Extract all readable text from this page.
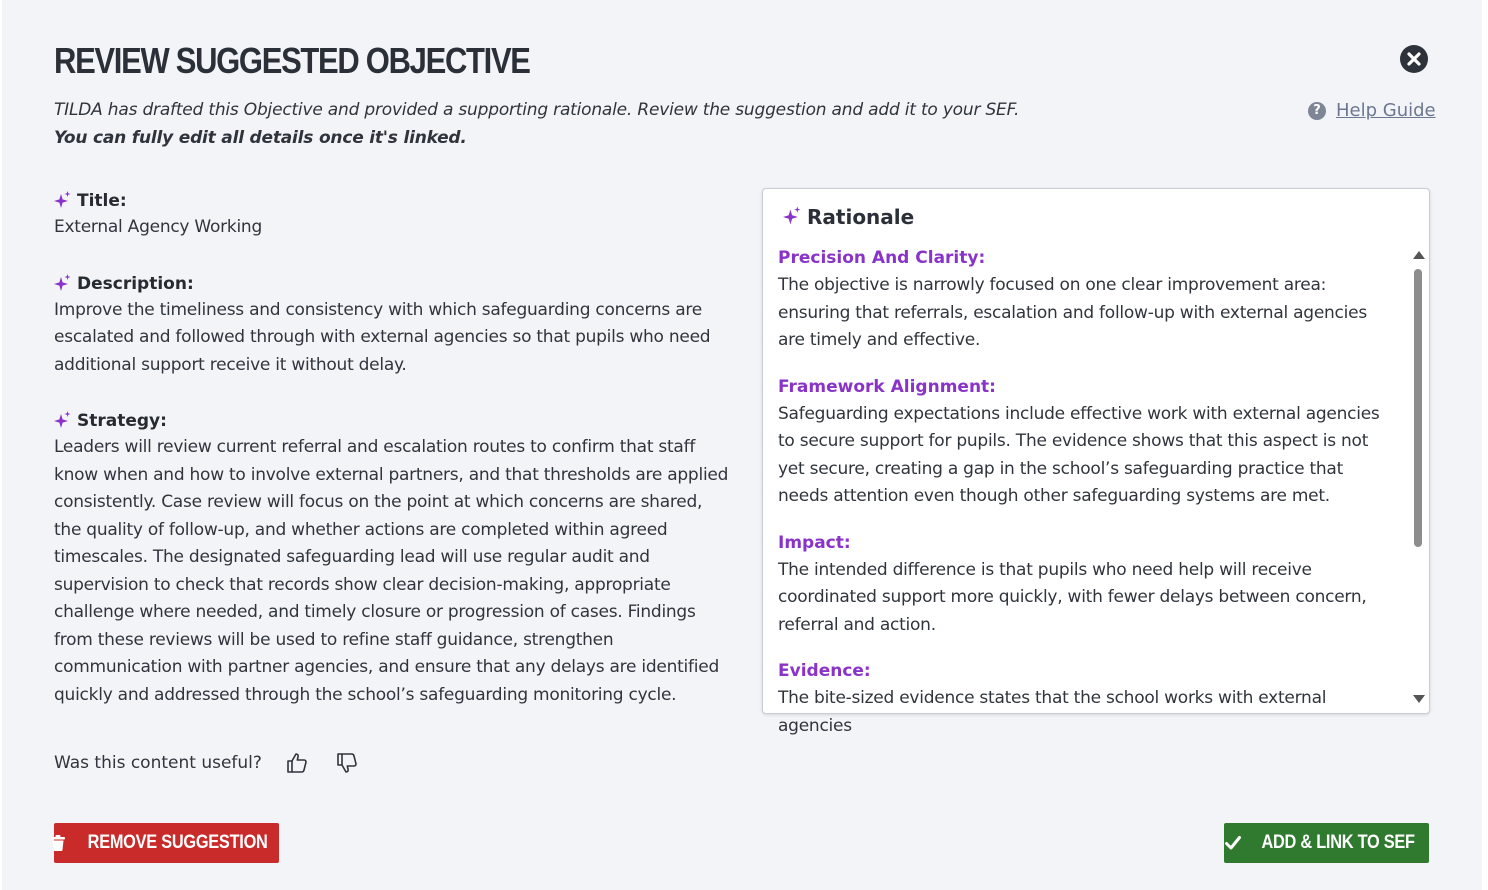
REVIEW SUGGESTED OBJECTIVE
TILDA has drafted this Objective and provided a supporting rationale. Review the suggestion and add it to your SEF.
You can fully edit all details once it's linked.
? Help Guide
Title:
External Agency Working
Description:
Improve the timeliness and consistency with which safeguarding concerns are escalated and followed through with external agencies so that pupils who need additional support receive it without delay.
Strategy:
Leaders will review current referral and escalation routes to confirm that staff know when and how to involve external partners, and that thresholds are applied consistently. Case review will focus on the point at which concerns are shared, the quality of follow-up, and whether actions are completed within agreed timescales. The designated safeguarding lead will use regular audit and supervision to check that records show clear decision-making, appropriate challenge where needed, and timely closure or progression of cases. Findings from these reviews will be used to refine staff guidance, strengthen communication with partner agencies, and ensure that any delays are identified quickly and addressed through the school’s safeguarding monitoring cycle.
Rationale
Precision And Clarity:
The objective is narrowly focused on one clear improvement area: ensuring that referrals, escalation and follow-up with external agencies are timely and effective.
Framework Alignment:
Safeguarding expectations include effective work with external agencies to secure support for pupils. The evidence shows that this aspect is not yet secure, creating a gap in the school’s safeguarding practice that needs attention even though other safeguarding systems are met.
Impact:
The intended difference is that pupils who need help will receive coordinated support more quickly, with fewer delays between concern, referral and action.
Evidence:
The bite-sized evidence states that the school works with external agencies
Was this content useful?
REMOVE SUGGESTION	ADD & LINK TO SEF
